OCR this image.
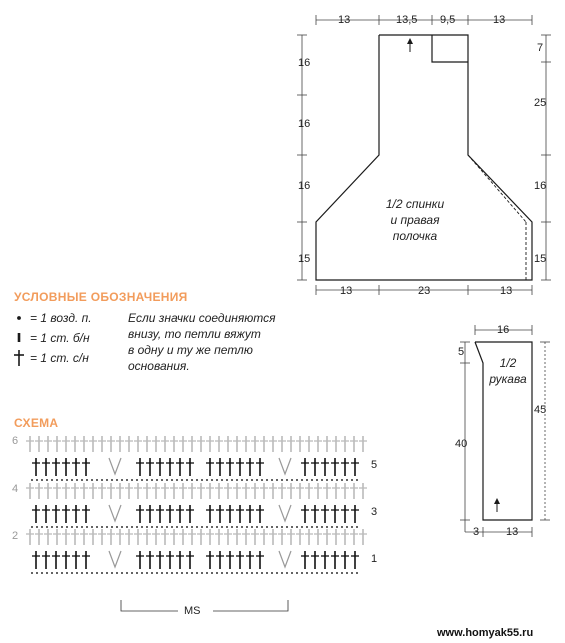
13	13,5 9,5	13
7
25
16
15
16
16
16
15
13	23	13
1/2 спинки
и правая
полочка
УСЛОВНЫЕ ОБОЗНАЧЕНИЯ
= 1 возд. п.
= 1 ст. б/н
= 1 ст. с/н
Если значки соединяются
внизу, то петли вяжут
в одну и ту же петлю
основания.
16
5
1/2
рукава
45
40
3 13
СХЕМА
6
4
2
5
3
1
MS
www.homyak55.ru
